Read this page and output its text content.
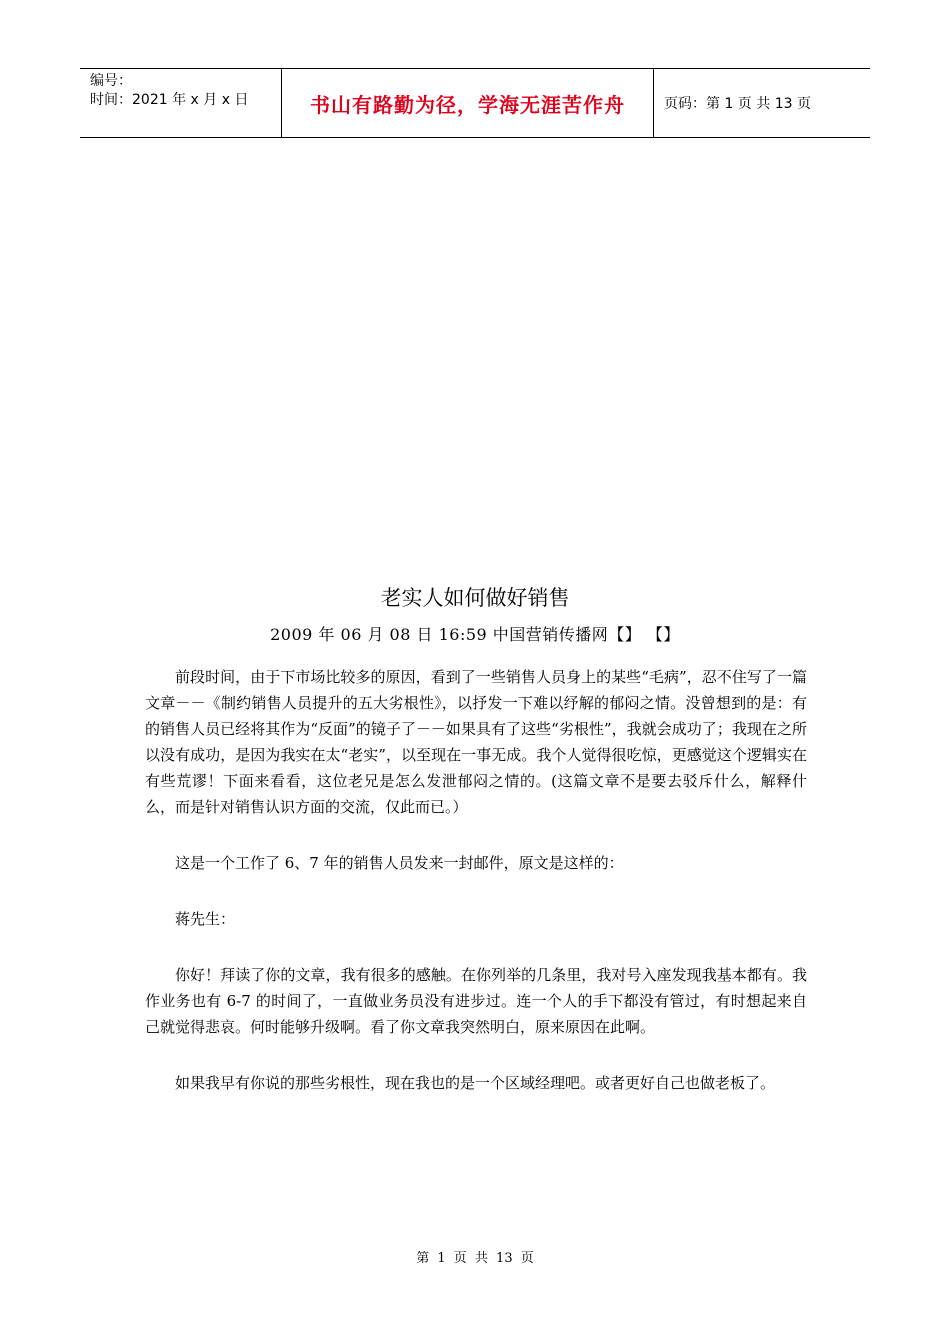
编号：
时间：2021 年 x 月 x 日	书山有路勤为径，学海无涯苦作舟	页码：第 1 页 共 13 页
老实人如何做好销售
2009 年 06 月 08 日 16:59 中国营销传播网【】 【】

前段时间，由于下市场比较多的原因，看到了一些销售人员身上的某些“毛病”，忍不住写了一篇文章－－《制约销售人员提升的五大劣根性》，以抒发一下难以纾解的郁闷之情。没曾想到的是：有的销售人员已经将其作为“反面”的镜子了－－如果具有了这些“劣根性”，我就会成功了；我现在之所以没有成功，是因为我实在太“老实”，以至现在一事无成。我个人觉得很吃惊，更感觉这个逻辑实在有些荒谬！下面来看看，这位老兄是怎么发泄郁闷之情的。(这篇文章不是要去驳斥什么，解释什么，而是针对销售认识方面的交流，仅此而已。）

这是一个工作了 6、7 年的销售人员发来一封邮件，原文是这样的：

蒋先生：

你好！拜读了你的文章，我有很多的感触。在你列举的几条里，我对号入座发现我基本都有。我作业务也有 6-7 的时间了，一直做业务员没有进步过。连一个人的手下都没有管过，有时想起来自己就觉得悲哀。何时能够升级啊。看了你文章我突然明白，原来原因在此啊。

如果我早有你说的那些劣根性，现在我也的是一个区域经理吧。或者更好自己也做老板了。

第 1 页 共 13 页
